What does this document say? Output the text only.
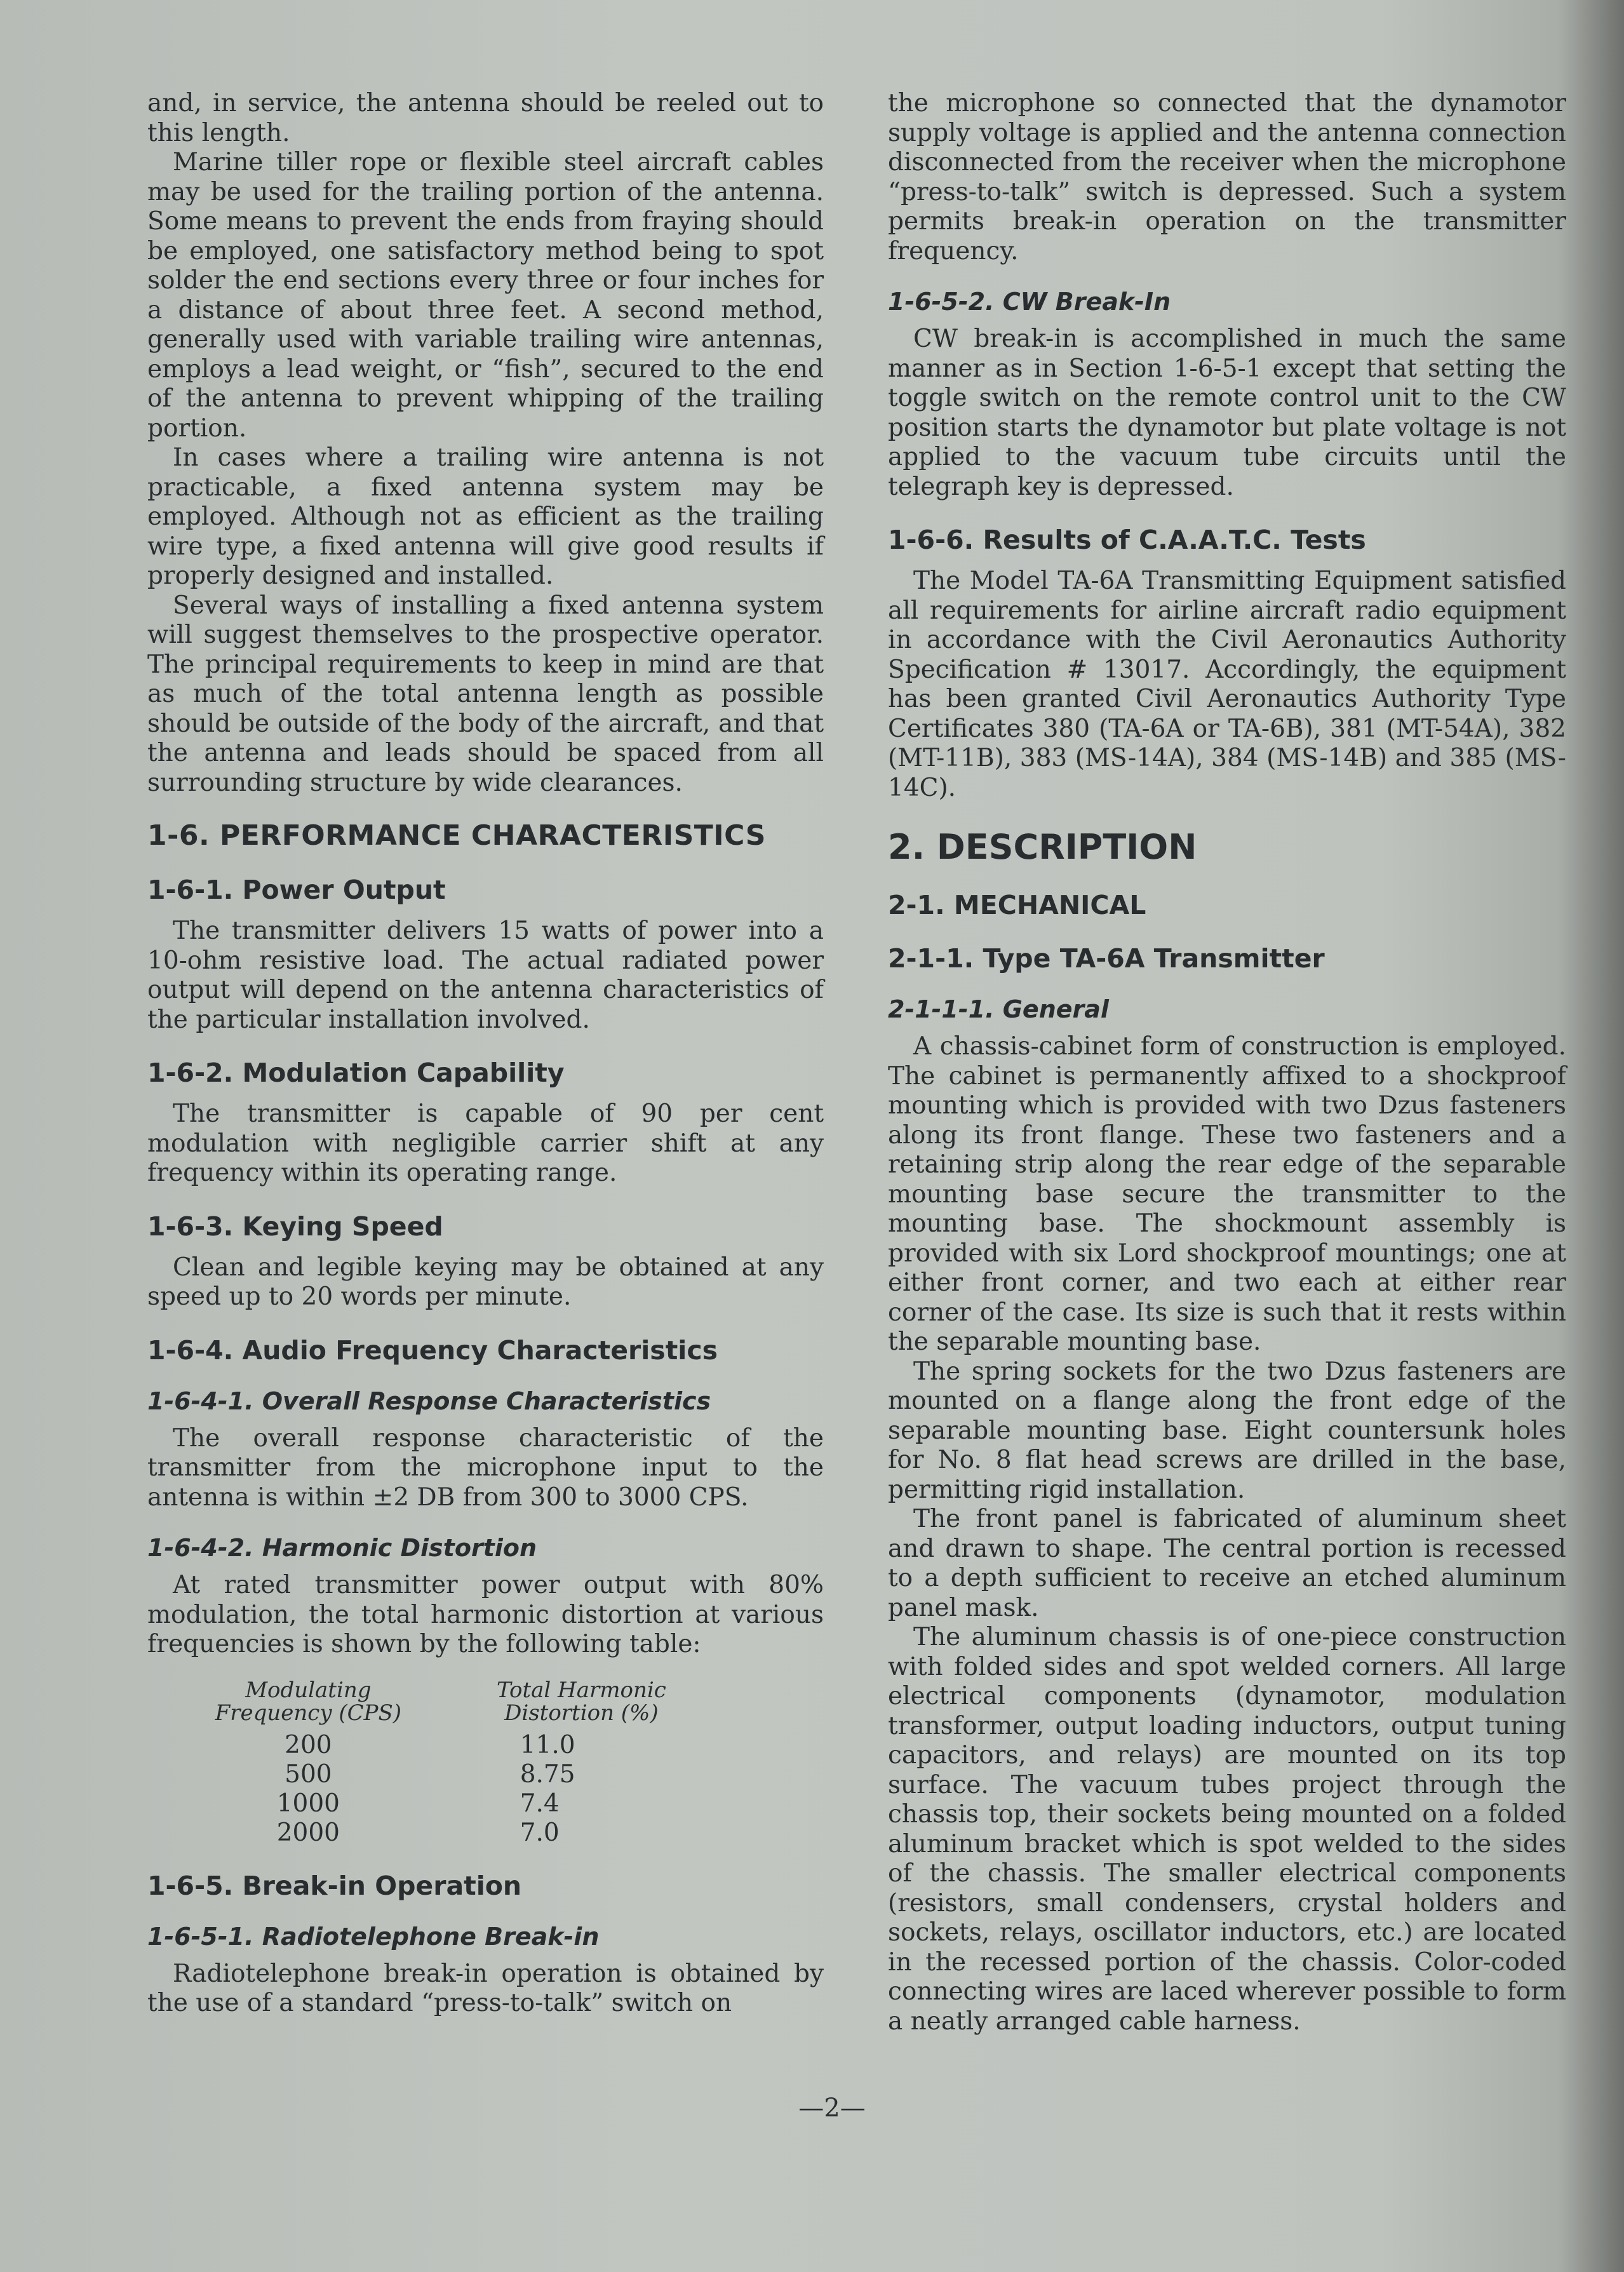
and, in service, the antenna should be reeled out to this length.

Marine tiller rope or flexible steel aircraft cables may be used for the trailing portion of the antenna. Some means to prevent the ends from fraying should be employed, one satisfactory method being to spot solder the end sections every three or four inches for a distance of about three feet. A second method, generally used with variable trailing wire antennas, employs a lead weight, or “fish”, secured to the end of the antenna to prevent whipping of the trailing portion.

In cases where a trailing wire antenna is not practicable, a fixed antenna system may be employed. Although not as efficient as the trailing wire type, a fixed antenna will give good results if properly designed and installed.

Several ways of installing a fixed antenna system will suggest themselves to the prospective operator. The principal requirements to keep in mind are that as much of the total antenna length as possible should be outside of the body of the aircraft, and that the antenna and leads should be spaced from all surrounding structure by wide clearances.

1-6. PERFORMANCE CHARACTERISTICS
1-6-1. Power Output

The transmitter delivers 15 watts of power into a 10-ohm resistive load. The actual radiated power output will depend on the antenna characteristics of the particular installation involved.

1-6-2. Modulation Capability

The transmitter is capable of 90 per cent modulation with negligible carrier shift at any frequency within its operating range.

1-6-3. Keying Speed

Clean and legible keying may be obtained at any speed up to 20 words per minute.

1-6-4. Audio Frequency Characteristics
1-6-4-1. Overall Response Characteristics

The overall response characteristic of the transmitter from the microphone input to the antenna is within ±2 DB from 300 to 3000 CPS.

1-6-4-2. Harmonic Distortion

At rated transmitter power output with 80% modulation, the total harmonic distortion at various frequencies is shown by the following table:

Modulating Frequency (CPS)	Total Harmonic Distortion (%)
200	11.0
500	8.75
1000	7.4
2000	7.0
1-6-5. Break-in Operation
1-6-5-1. Radiotelephone Break-in

Radiotelephone break-in operation is obtained by the use of a standard “press-to-talk” switch on

the microphone so connected that the dynamotor supply voltage is applied and the antenna connection disconnected from the receiver when the microphone “press-to-talk” switch is depressed. Such a system permits break-in operation on the transmitter frequency.

1-6-5-2. CW Break-In

CW break-in is accomplished in much the same manner as in Section 1-6-5-1 except that setting the toggle switch on the remote control unit to the CW position starts the dynamotor but plate voltage is not applied to the vacuum tube circuits until the telegraph key is depressed.

1-6-6. Results of C.A.A.T.C. Tests

The Model TA-6A Transmitting Equipment satisfied all requirements for airline aircraft radio equipment in accordance with the Civil Aeronautics Authority Specification # 13017. Accordingly, the equipment has been granted Civil Aeronautics Authority Type Certificates 380 (TA-6A or TA-6B), 381 (MT-54A), 382 (MT-11B), 383 (MS-14A), 384 (MS-14B) and 385 (MS-14C).

2. DESCRIPTION
2-1. MECHANICAL
2-1-1. Type TA-6A Transmitter
2-1-1-1. General

A chassis-cabinet form of construction is employed. The cabinet is permanently affixed to a shockproof mounting which is provided with two Dzus fasteners along its front flange. These two fasteners and a retaining strip along the rear edge of the separable mounting base secure the transmitter to the mounting base. The shockmount assembly is provided with six Lord shockproof mountings; one at either front corner, and two each at either rear corner of the case. Its size is such that it rests within the separable mounting base.

The spring sockets for the two Dzus fasteners are mounted on a flange along the front edge of the separable mounting base. Eight countersunk holes for No. 8 flat head screws are drilled in the base, permitting rigid installation.

The front panel is fabricated of aluminum sheet and drawn to shape. The central portion is recessed to a depth sufficient to receive an etched aluminum panel mask.

The aluminum chassis is of one-piece construction with folded sides and spot welded corners. All large electrical components (dynamotor, modulation transformer, output loading inductors, output tuning capacitors, and relays) are mounted on its top surface. The vacuum tubes project through the chassis top, their sockets being mounted on a folded aluminum bracket which is spot welded to the sides of the chassis. The smaller electrical components (resistors, small condensers, crystal holders and sockets, relays, oscillator inductors, etc.) are located in the recessed portion of the chassis. Color-coded connecting wires are laced wherever possible to form a neatly arranged cable harness.

—2—
